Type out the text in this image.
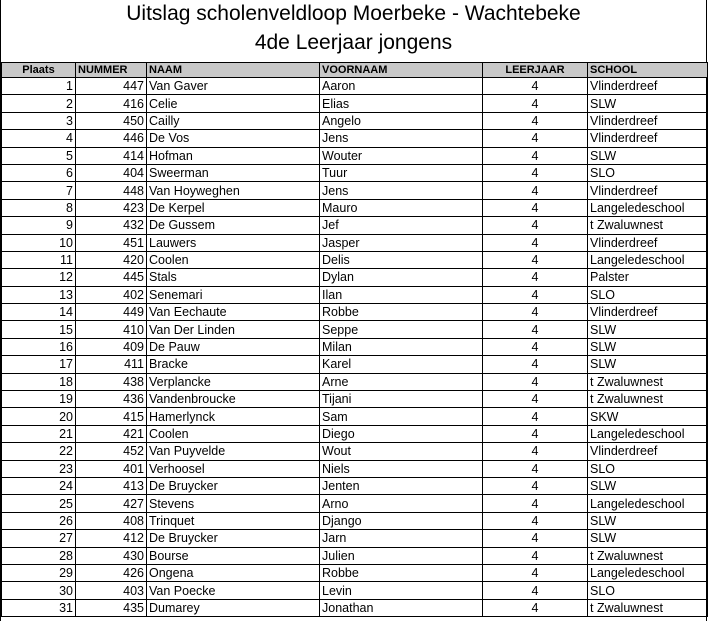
Uitslag scholenveldloop Moerbeke - Wachtebeke
4de Leerjaar jongens
Plaats	NUMMER	NAAM	VOORNAAM	LEERJAAR	SCHOOL
1	447	Van Gaver	Aaron	4	Vlinderdreef
2	416	Celie	Elias	4	SLW
3	450	Cailly	Angelo	4	Vlinderdreef
4	446	De Vos	Jens	4	Vlinderdreef
5	414	Hofman	Wouter	4	SLW
6	404	Sweerman	Tuur	4	SLO
7	448	Van Hoyweghen	Jens	4	Vlinderdreef
8	423	De Kerpel	Mauro	4	Langeledeschool
9	432	De Gussem	Jef	4	t Zwaluwnest
10	451	Lauwers	Jasper	4	Vlinderdreef
11	420	Coolen	Delis	4	Langeledeschool
12	445	Stals	Dylan	4	Palster
13	402	Senemari	Ilan	4	SLO
14	449	Van Eechaute	Robbe	4	Vlinderdreef
15	410	Van Der Linden	Seppe	4	SLW
16	409	De Pauw	Milan	4	SLW
17	411	Bracke	Karel	4	SLW
18	438	Verplancke	Arne	4	t Zwaluwnest
19	436	Vandenbroucke	Tijani	4	t Zwaluwnest
20	415	Hamerlynck	Sam	4	SKW
21	421	Coolen	Diego	4	Langeledeschool
22	452	Van Puyvelde	Wout	4	Vlinderdreef
23	401	Verhoosel	Niels	4	SLO
24	413	De Bruycker	Jenten	4	SLW
25	427	Stevens	Arno	4	Langeledeschool
26	408	Trinquet	Django	4	SLW
27	412	De Bruycker	Jarn	4	SLW
28	430	Bourse	Julien	4	t Zwaluwnest
29	426	Ongena	Robbe	4	Langeledeschool
30	403	Van Poecke	Levin	4	SLO
31	435	Dumarey	Jonathan	4	t Zwaluwnest
